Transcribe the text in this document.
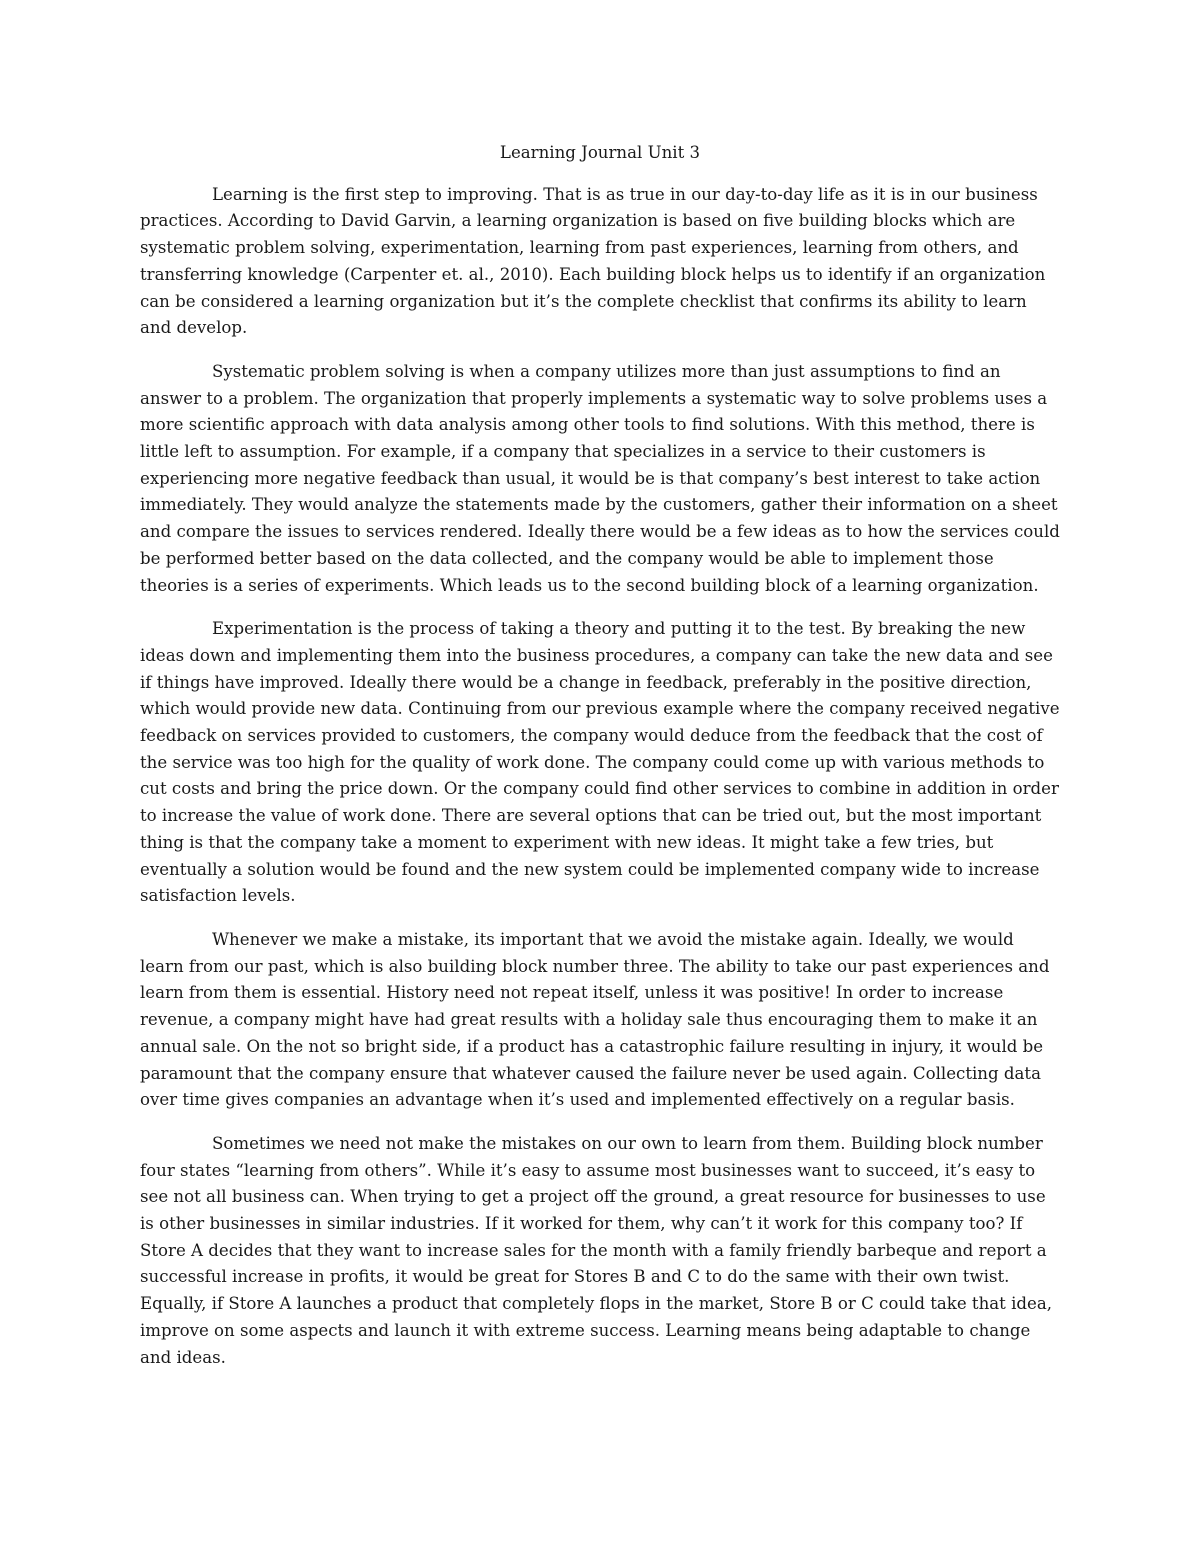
Learning Journal Unit 3

Learning is the first step to improving. That is as true in our day-to-day life as it is in our business practices. According to David Garvin, a learning organization is based on five building blocks which are systematic problem solving, experimentation, learning from past experiences, learning from others, and transferring knowledge (Carpenter et. al., 2010). Each building block helps us to identify if an organization can be considered a learning organization but it’s the complete checklist that confirms its ability to learn and develop.

Systematic problem solving is when a company utilizes more than just assumptions to find an answer to a problem. The organization that properly implements a systematic way to solve problems uses a more scientific approach with data analysis among other tools to find solutions. With this method, there is little left to assumption. For example, if a company that specializes in a service to their customers is experiencing more negative feedback than usual, it would be is that company’s best interest to take action immediately. They would analyze the statements made by the customers, gather their information on a sheet and compare the issues to services rendered. Ideally there would be a few ideas as to how the services could be performed better based on the data collected, and the company would be able to implement those theories is a series of experiments. Which leads us to the second building block of a learning organization.

Experimentation is the process of taking a theory and putting it to the test. By breaking the new ideas down and implementing them into the business procedures, a company can take the new data and see if things have improved. Ideally there would be a change in feedback, preferably in the positive direction, which would provide new data. Continuing from our previous example where the company received negative feedback on services provided to customers, the company would deduce from the feedback that the cost of the service was too high for the quality of work done. The company could come up with various methods to cut costs and bring the price down. Or the company could find other services to combine in addition in order to increase the value of work done. There are several options that can be tried out, but the most important thing is that the company take a moment to experiment with new ideas. It might take a few tries, but eventually a solution would be found and the new system could be implemented company wide to increase satisfaction levels.

Whenever we make a mistake, its important that we avoid the mistake again. Ideally, we would learn from our past, which is also building block number three. The ability to take our past experiences and learn from them is essential. History need not repeat itself, unless it was positive! In order to increase revenue, a company might have had great results with a holiday sale thus encouraging them to make it an annual sale. On the not so bright side, if a product has a catastrophic failure resulting in injury, it would be paramount that the company ensure that whatever caused the failure never be used again. Collecting data over time gives companies an advantage when it’s used and implemented effectively on a regular basis.

Sometimes we need not make the mistakes on our own to learn from them. Building block number four states “learning from others”. While it’s easy to assume most businesses want to succeed, it’s easy to see not all business can. When trying to get a project off the ground, a great resource for businesses to use is other businesses in similar industries. If it worked for them, why can’t it work for this company too? If Store A decides that they want to increase sales for the month with a family friendly barbeque and report a successful increase in profits, it would be great for Stores B and C to do the same with their own twist. Equally, if Store A launches a product that completely flops in the market, Store B or C could take that idea, improve on some aspects and launch it with extreme success. Learning means being adaptable to change and ideas.
